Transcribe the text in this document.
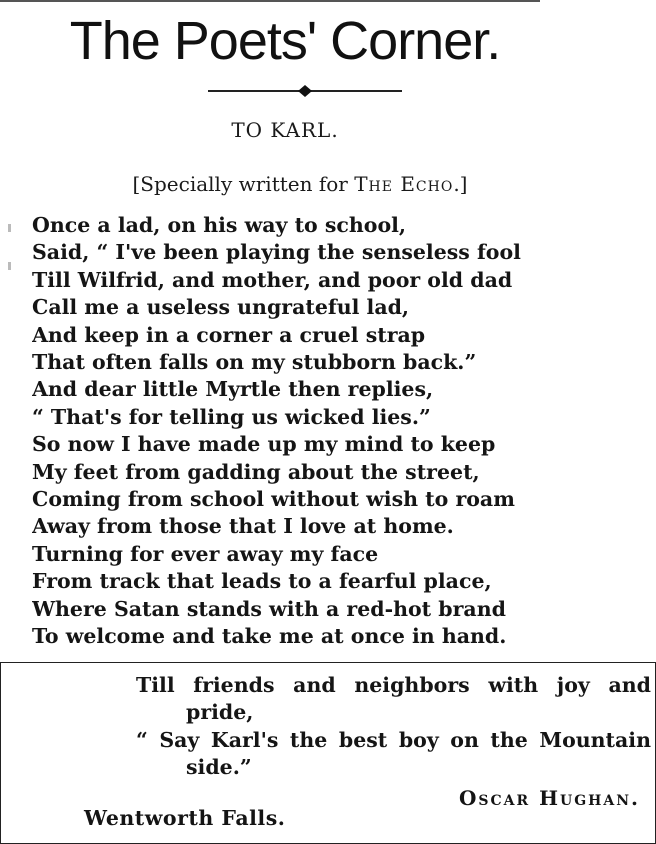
The Poets' Corner.
TO KARL.
[Specially written for The Echo.]
Once a lad, on his way to school,
Said, “ I've been playing the senseless fool
Till Wilfrid, and mother, and poor old dad
Call me a useless ungrateful lad,
And keep in a corner a cruel strap
That often falls on my stubborn back.”
And dear little Myrtle then replies,
“ That's for telling us wicked lies.”
So now I have made up my mind to keep
My feet from gadding about the street,
Coming from school without wish to roam
Away from those that I love at home.
Turning for ever away my face
From track that leads to a fearful place,
Where Satan stands with a red-hot brand
To welcome and take me at once in hand.
Till friends and neighbors with joy and
pride,
“ Say Karl's the best boy on the Mountain
side.”
Oscar Hughan.
Wentworth Falls.
